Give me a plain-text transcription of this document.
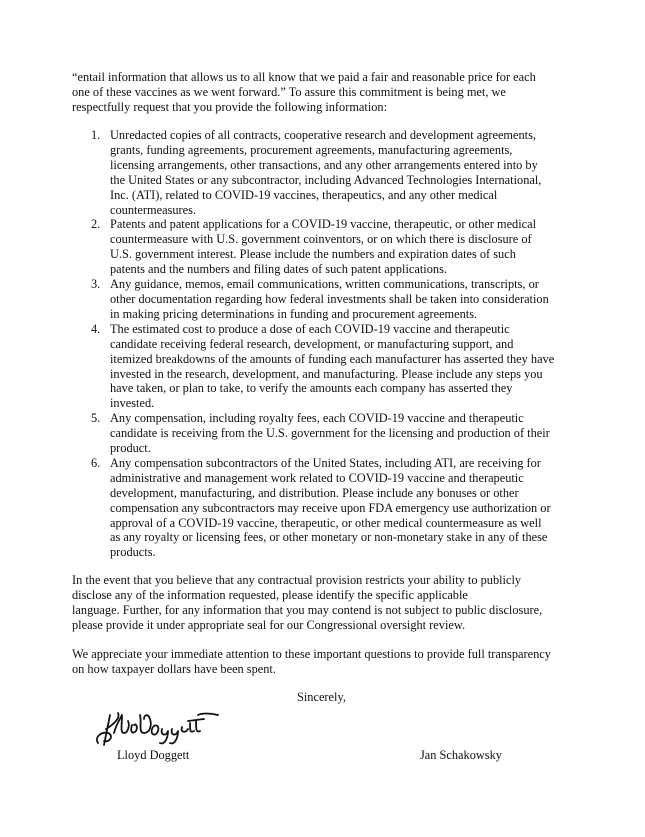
“entail information that allows us to all know that we paid a fair and reasonable price for each
one of these vaccines as we went forward.” To assure this commitment is being met, we
respectfully request that you provide the following information:

1. Unredacted copies of all contracts, cooperative research and development agreements,
grants, funding agreements, procurement agreements, manufacturing agreements,
licensing arrangements, other transactions, and any other arrangements entered into by
the United States or any subcontractor, including Advanced Technologies International,
Inc. (ATI), related to COVID-19 vaccines, therapeutics, and any other medical
countermeasures.
2. Patents and patent applications for a COVID-19 vaccine, therapeutic, or other medical
countermeasure with U.S. government coinventors, or on which there is disclosure of
U.S. government interest. Please include the numbers and expiration dates of such
patents and the numbers and filing dates of such patent applications.
3. Any guidance, memos, email communications, written communications, transcripts, or
other documentation regarding how federal investments shall be taken into consideration
in making pricing determinations in funding and procurement agreements.
4. The estimated cost to produce a dose of each COVID-19 vaccine and therapeutic
candidate receiving federal research, development, or manufacturing support, and
itemized breakdowns of the amounts of funding each manufacturer has asserted they have
invested in the research, development, and manufacturing. Please include any steps you
have taken, or plan to take, to verify the amounts each company has asserted they
invested.
5. Any compensation, including royalty fees, each COVID-19 vaccine and therapeutic
candidate is receiving from the U.S. government for the licensing and production of their
product.
6. Any compensation subcontractors of the United States, including ATI, are receiving for
administrative and management work related to COVID-19 vaccine and therapeutic
development, manufacturing, and distribution. Please include any bonuses or other
compensation any subcontractors may receive upon FDA emergency use authorization or
approval of a COVID-19 vaccine, therapeutic, or other medical countermeasure as well
as any royalty or licensing fees, or other monetary or non-monetary stake in any of these
products.

In the event that you believe that any contractual provision restricts your ability to publicly
disclose any of the information requested, please identify the specific applicable
language. Further, for any information that you may contend is not subject to public disclosure,
please provide it under appropriate seal for our Congressional oversight review.

We appreciate your immediate attention to these important questions to provide full transparency
on how taxpayer dollars have been spent.

Sincerely,
Lloyd Doggett	Jan Schakowsky
